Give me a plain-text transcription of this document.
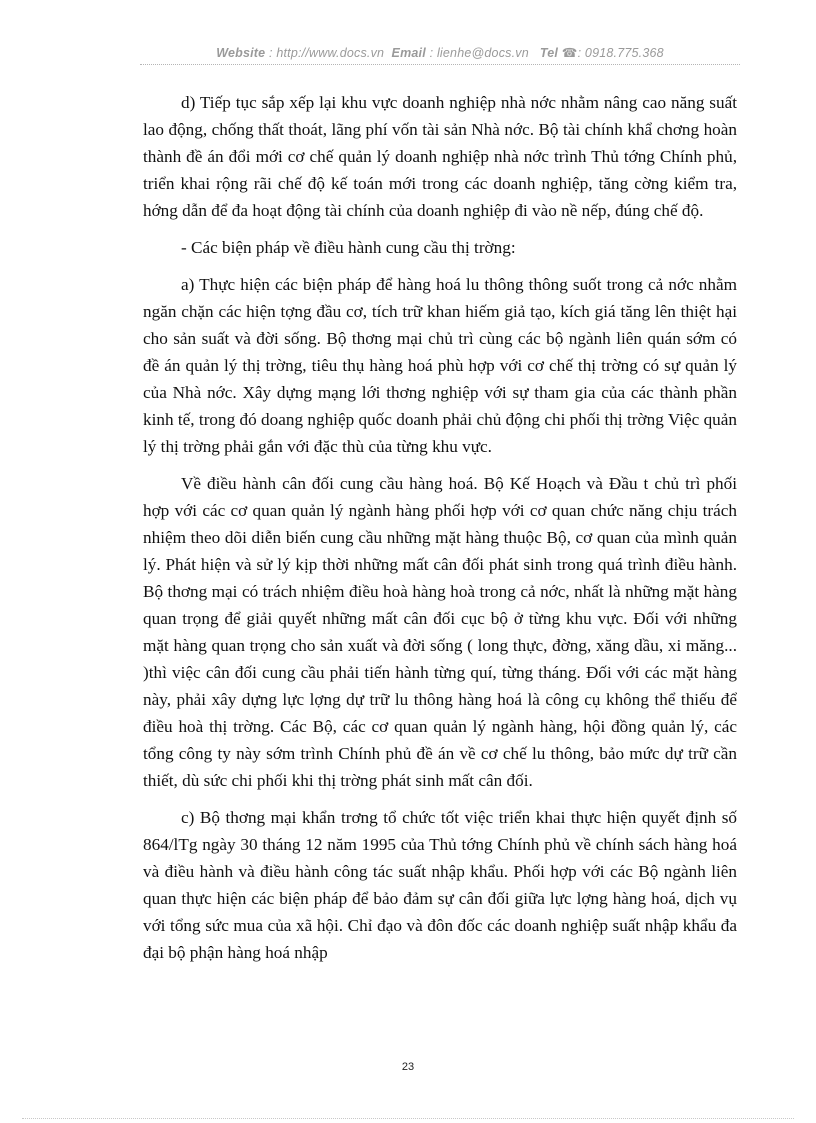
Website : http://www.docs.vn Email : lienhe@docs.vn Tel ☎: 0918.775.368

d) Tiếp tục sắp xếp lại khu vực doanh nghiệp nhà nớc nhằm nâng cao năng suất lao động, chống thất thoát, lãng phí vốn tài sản Nhà nớc. Bộ tài chính khẩ chơng hoàn thành đề án đổi mới cơ chế quản lý doanh nghiệp nhà nớc trình Thủ tớng Chính phủ, triển khai rộng rãi chế độ kế toán mới trong các doanh nghiệp, tăng cờng kiểm tra, hớng dẫn để đa hoạt động tài chính của doanh nghiệp đi vào nề nếp, đúng chế độ.

- Các biện pháp về điều hành cung cầu thị trờng:

a) Thực hiện các biện pháp để hàng hoá lu thông thông suốt trong cả nớc nhằm ngăn chặn các hiện tợng đầu cơ, tích trữ khan hiếm giả tạo, kích giá tăng lên thiệt hại cho sản suất và đời sống. Bộ thơng mại chủ trì cùng các bộ ngành liên quán sớm có đề án quản lý thị trờng, tiêu thụ hàng hoá phù hợp với cơ chế thị trờng có sự quản lý của Nhà nớc. Xây dựng mạng lới thơng nghiệp với sự tham gia của các thành phần kinh tế, trong đó doang nghiệp quốc doanh phải chủ động chi phối thị trờng Việc quản lý thị trờng phải gắn với đặc thù của từng khu vực.

Về điều hành cân đối cung cầu hàng hoá. Bộ Kế Hoạch và Đầu t chủ trì phối hợp với các cơ quan quản lý ngành hàng phối hợp với cơ quan chức năng chịu trách nhiệm theo dõi diễn biến cung cầu những mặt hàng thuộc Bộ, cơ quan của mình quản lý. Phát hiện và sử lý kịp thời những mất cân đối phát sinh trong quá trình điều hành. Bộ thơng mại có trách nhiệm điều hoà hàng hoà trong cả nớc, nhất là những mặt hàng quan trọng để giải quyết những mất cân đối cục bộ ở từng khu vực. Đối với những mặt hàng quan trọng cho sản xuất và đời sống ( long thực, đờng, xăng dầu, xi măng... )thì việc cân đối cung cầu phải tiến hành từng quí, từng tháng. Đối với các mặt hàng này, phải xây dựng lực lợng dự trữ lu thông hàng hoá là công cụ không thể thiếu để điều hoà thị trờng. Các Bộ, các cơ quan quản lý ngành hàng, hội đồng quản lý, các tổng công ty này sớm trình Chính phủ đề án về cơ chế lu thông, bảo mức dự trữ cần thiết, dù sức chi phối khi thị trờng phát sinh mất cân đối.

c) Bộ thơng mại khẩn trơng tổ chức tốt việc triển khai thực hiện quyết định số 864/lTg ngày 30 tháng 12 năm 1995 của Thủ tớng Chính phủ về chính sách hàng hoá và điều hành và điều hành công tác suất nhập khẩu. Phối hợp với các Bộ ngành liên quan thực hiện các biện pháp để bảo đảm sự cân đối giữa lực lợng hàng hoá, dịch vụ với tổng sức mua của xã hội. Chỉ đạo và đôn đốc các doanh nghiệp suất nhập khẩu đa đại bộ phận hàng hoá nhập

23
